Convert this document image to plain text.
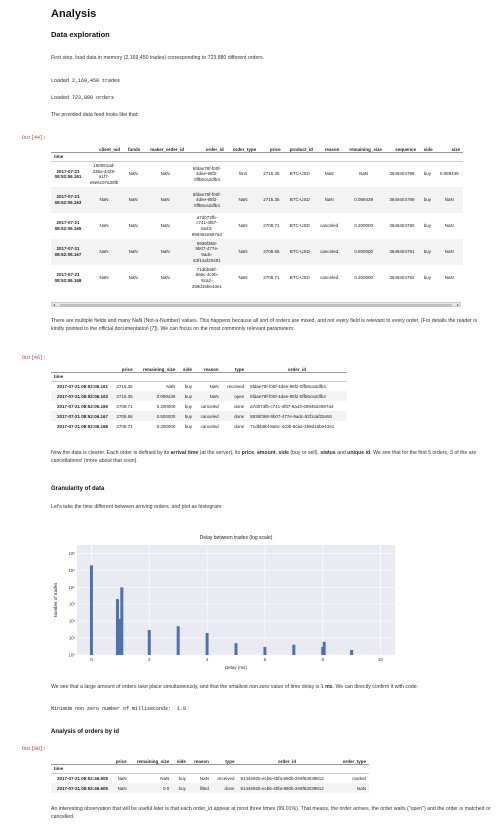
Analysis
Data exploration

First step, load data in memory (2,169,450 trades) corresponding to 723,880 different orders.

Loaded 2,169,450 trades
Loaded 723,880 orders

The provided data feed looks like that:

Out[44]:
	client_oid	funds	maker_order_id	order_id	order_type	price	product_id	reason	remaining_size	sequence	side	size
time												
2017-07-21
08:52:06.161	150051ad-
336a-4429-
a1f7-
e9e6c07a30fb	NaN	NaN	6fdae78f-f00f-
4dee-95f2-
0ffb6ca2dfb4	limit	2715.35	BTC-USD	NaN	NaN	3649404788	buy	0.089439
2017-07-21
08:52:06.163	NaN	NaN	NaN	6fdae78f-f00f-
4dee-95f2-
0ffb6ca2dfb4	NaN	2715.35	BTC-USD	NaN	0.089439	3649404789	buy	NaN
2017-07-21
08:52:06.165	NaN	NaN	NaN	a7d073fb-
c741-4f87-
8a43-
699462e597a4	NaN	2708.71	BTC-USD	canceled	0.200000	3649404790	buy	NaN
2017-07-21
08:52:06.167	NaN	NaN	NaN	5936f368-
9b07-477e-
9adc-
83f14af25491	NaN	2708.66	BTC-USD	canceled	0.500000	3649404791	buy	NaN
2017-07-21
08:52:06.168	NaN	NaN	NaN	71dbb9bf-
8a6c-4c0b-
8ca2-
259d16be43e1	NaN	2708.71	BTC-USD	canceled	0.200000	3649404792	buy	NaN
◂	▸

There are multiple fields and many NaN (Not-a-Number) values. This happens because all sort of orders are mixed, and not every field is relevant to every order. (For details the reader is kindly pointed to the official documentation [7]). We can focus on the most commonly relevant parameters:

Out[46]:
	price	remaining_size	side	reason	type	order_id
time						
2017-07-21 08:52:06.161	2715.35	NaN	buy	NaN	received	6fdae78f-f00f-4dee-95f2-0ffb6ca2dfb4
2017-07-21 08:52:06.163	2715.35	0.089439	buy	NaN	open	6fdae78f-f00f-4dee-95f2-0ffb6ca2dfb4
2017-07-21 08:52:06.165	2708.71	0.200000	buy	canceled	done	a7d073fb-c741-4f87-8a43-699462e597a4
2017-07-21 08:52:06.167	2708.66	0.500000	buy	canceled	done	5936f368-9b07-477e-9adc-83f14af25491
2017-07-21 08:52:06.168	2708.71	0.200000	buy	canceled	done	71dbb9bf-8a6c-4c0b-8ca2-259d16be43e1

Now the data is clearer. Each order is defined by its arrival time (at the server), its price, amount, side (buy or sell), status and unique id. We see that for the first 5 orders, 3 of the are cancellations! (more about that soon).

Granularity of data

Let's take the time different between arriving orders, and plot as histogram

Delay between trades (log scale)
0	2	4	6	8	10
10⁰
10¹
10²
10³
10⁴
10⁵
10⁶
Delay (ms)
Number of trades

We see that a large amount of orders take place simultaneously, and that the smallest non zero value of time delay is 1 ms. We can directly confirm it with code:

Minimum non zero number of milliseconds:  1.0
Analysis of orders by id
Out[80]:
	price	remaining_size	side	reason	type	order_id	order_type
time							
2017-07-21 08:52:46.605	NaN	NaN	buy	NaN	received	9144e925-ecb6-40fa-880b-2e9f63039812	market
2017-07-21 08:52:46.605	NaN	0.0	buy	filled	done	9144e925-ecb6-40fa-880b-2e9f63039812	NaN

An interesting observation that will be useful later is that each order_id appear at most three times (99.01%). That means, the order arrives, the order waits ("open") and the order is matched or cancelled.
